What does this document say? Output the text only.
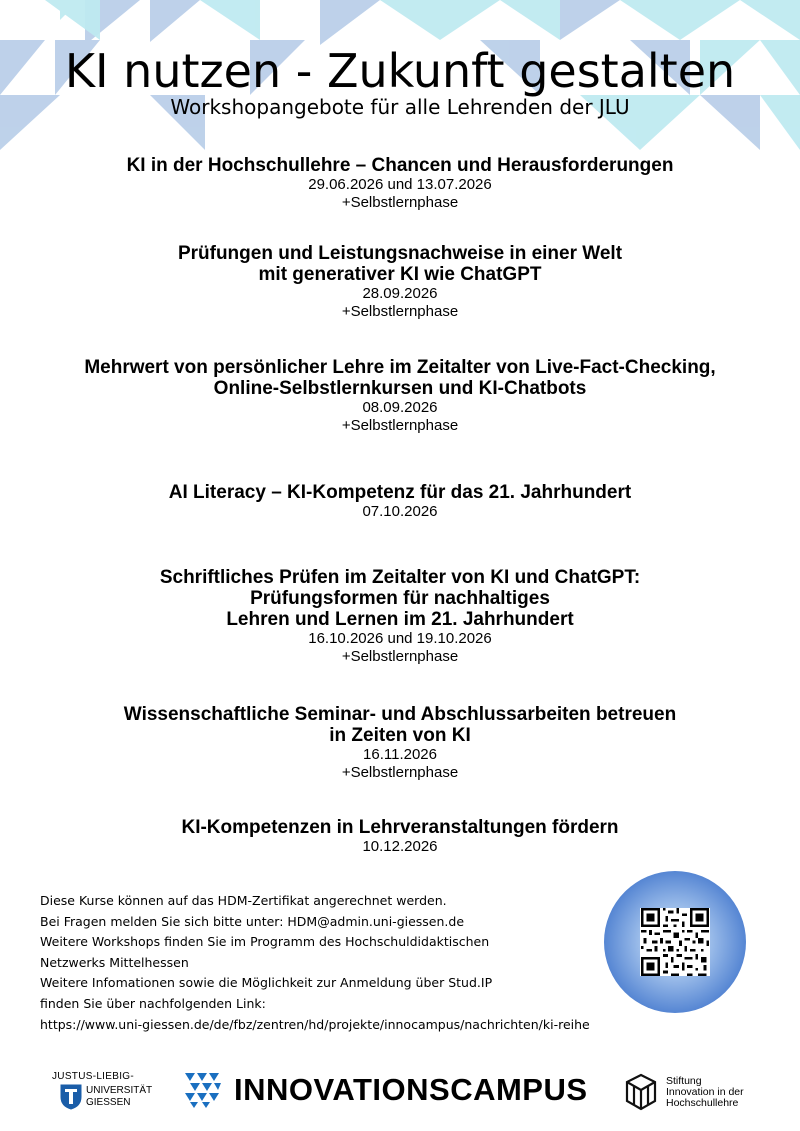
KI nutzen - Zukunft gestalten
Workshopangebote für alle Lehrenden der JLU
KI in der Hochschullehre – Chancen und Herausforderungen
29.06.2026 und 13.07.2026
+Selbstlernphase
Prüfungen und Leistungsnachweise in einer Welt
mit generativer KI wie ChatGPT
28.09.2026
+Selbstlernphase
Mehrwert von persönlicher Lehre im Zeitalter von Live-Fact-Checking,
Online-Selbstlernkursen und KI-Chatbots
08.09.2026
+Selbstlernphase
AI Literacy – KI-Kompetenz für das 21. Jahrhundert
07.10.2026
Schriftliches Prüfen im Zeitalter von KI und ChatGPT:
Prüfungsformen für nachhaltiges
Lehren und Lernen im 21. Jahrhundert
16.10.2026 und 19.10.2026
+Selbstlernphase
Wissenschaftliche Seminar- und Abschlussarbeiten betreuen
in Zeiten von KI
16.11.2026
+Selbstlernphase
KI-Kompetenzen in Lehrveranstaltungen fördern
10.12.2026
Diese Kurse können auf das HDM-Zertifikat angerechnet werden.
Bei Fragen melden Sie sich bitte unter: HDM@admin.uni-giessen.de
Weitere Workshops finden Sie im Programm des Hochschuldidaktischen
Netzwerks Mittelhessen
Weitere Infomationen sowie die Möglichkeit zur Anmeldung über Stud.IP
finden Sie über nachfolgenden Link:
https://www.uni-giessen.de/de/fbz/zentren/hd/projekte/innocampus/nachrichten/ki-reihe
JUSTUS-LIEBIG-
UNIVERSITÄT
GIESSEN	INNOVATIONSCAMPUS	Stiftung
Innovation in der
Hochschullehre
